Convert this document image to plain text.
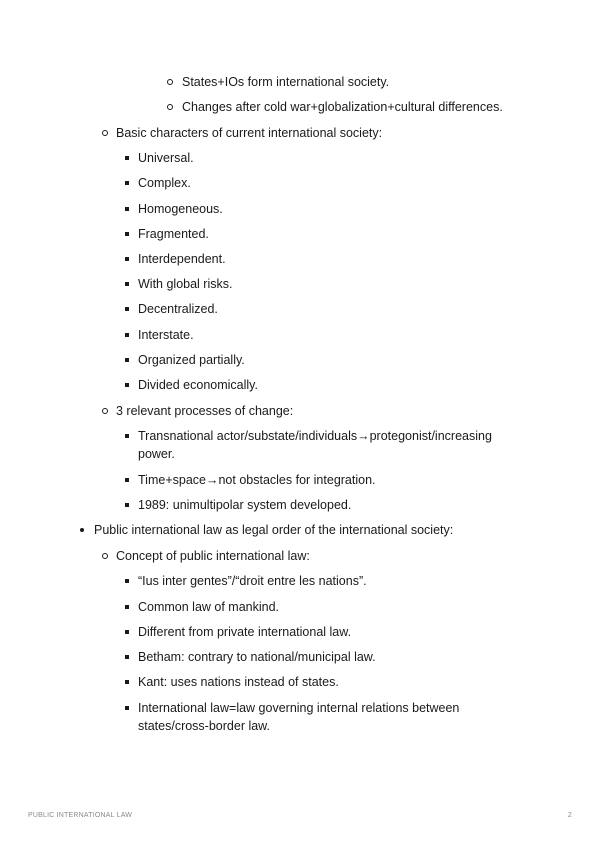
States+IOs form international society.
Changes after cold war+globalization+cultural differences.
Basic characters of current international society:
Universal.
Complex.
Homogeneous.
Fragmented.
Interdependent.
With global risks.
Decentralized.
Interstate.
Organized partially.
Divided economically.
3 relevant processes of change:
Transnational actor/substate/individuals→protegonist/increasing power.
Time+space→not obstacles for integration.
1989: unimultipolar system developed.
Public international law as legal order of the international society:
Concept of public international law:
“Ius inter gentes”/“droit entre les nations”.
Common law of mankind.
Different from private international law.
Betham: contrary to national/municipal law.
Kant: uses nations instead of states.
International law=law governing internal relations between states/cross-border law.
PUBLIC INTERNATIONAL LAW	2
